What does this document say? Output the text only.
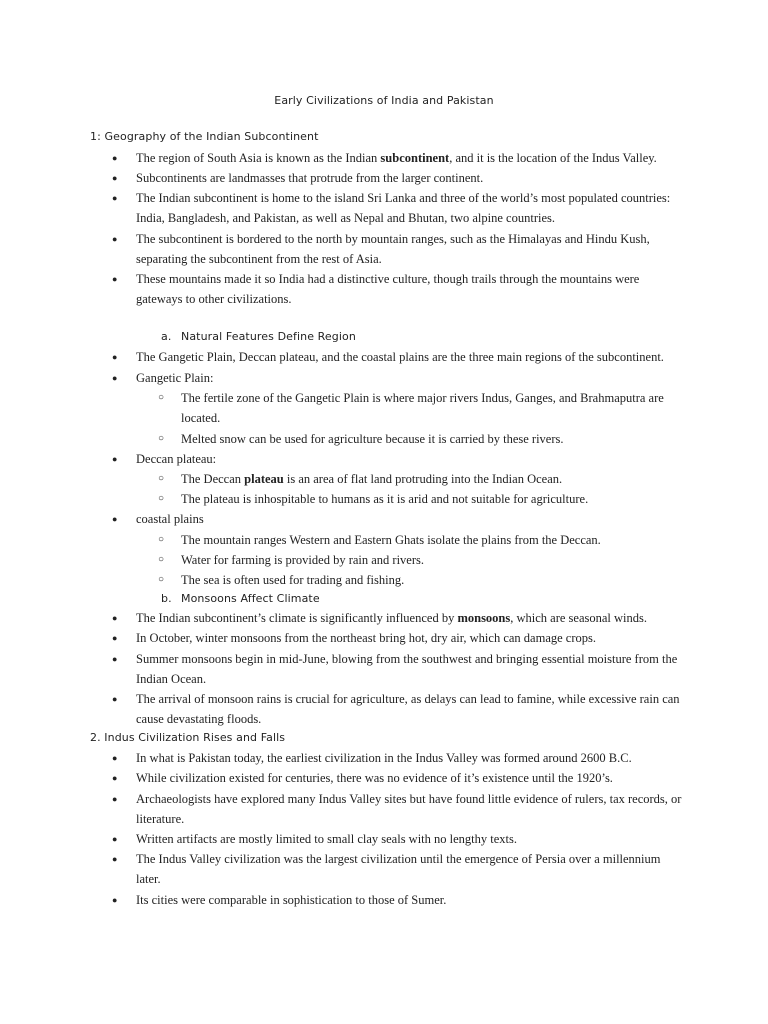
Early Civilizations of India and Pakistan
1: Geography of the Indian Subcontinent
● The region of South Asia is known as the Indian subcontinent, and it is the location of the Indus Valley.
● Subcontinents are landmasses that protrude from the larger continent.
● The Indian subcontinent is home to the island Sri Lanka and three of the world’s most populated countries: India, Bangladesh, and Pakistan, as well as Nepal and Bhutan, two alpine countries.
● The subcontinent is bordered to the north by mountain ranges, such as the Himalayas and Hindu Kush, separating the subcontinent from the rest of Asia.
● These mountains made it so India had a distinctive culture, though trails through the mountains were gateways to other civilizations.
a. Natural Features Define Region
● The Gangetic Plain, Deccan plateau, and the coastal plains are the three main regions of the subcontinent.
● Gangetic Plain:
○ The fertile zone of the Gangetic Plain is where major rivers Indus, Ganges, and Brahmaputra are located.
○ Melted snow can be used for agriculture because it is carried by these rivers.
● Deccan plateau:
○ The Deccan plateau is an area of flat land protruding into the Indian Ocean.
○ The plateau is inhospitable to humans as it is arid and not suitable for agriculture.
● coastal plains
○ The mountain ranges Western and Eastern Ghats isolate the plains from the Deccan.
○ Water for farming is provided by rain and rivers.
○ The sea is often used for trading and fishing.
b. Monsoons Affect Climate
● The Indian subcontinent’s climate is significantly influenced by monsoons, which are seasonal winds.
● In October, winter monsoons from the northeast bring hot, dry air, which can damage crops.
● Summer monsoons begin in mid-June, blowing from the southwest and bringing essential moisture from the Indian Ocean.
● The arrival of monsoon rains is crucial for agriculture, as delays can lead to famine, while excessive rain can cause devastating floods.
2. Indus Civilization Rises and Falls
● In what is Pakistan today, the earliest civilization in the Indus Valley was formed around 2600 B.C.
● While civilization existed for centuries, there was no evidence of it’s existence until the 1920’s.
● Archaeologists have explored many Indus Valley sites but have found little evidence of rulers, tax records, or literature.
● Written artifacts are mostly limited to small clay seals with no lengthy texts.
● The Indus Valley civilization was the largest civilization until the emergence of Persia over a millennium later.
● Its cities were comparable in sophistication to those of Sumer.
